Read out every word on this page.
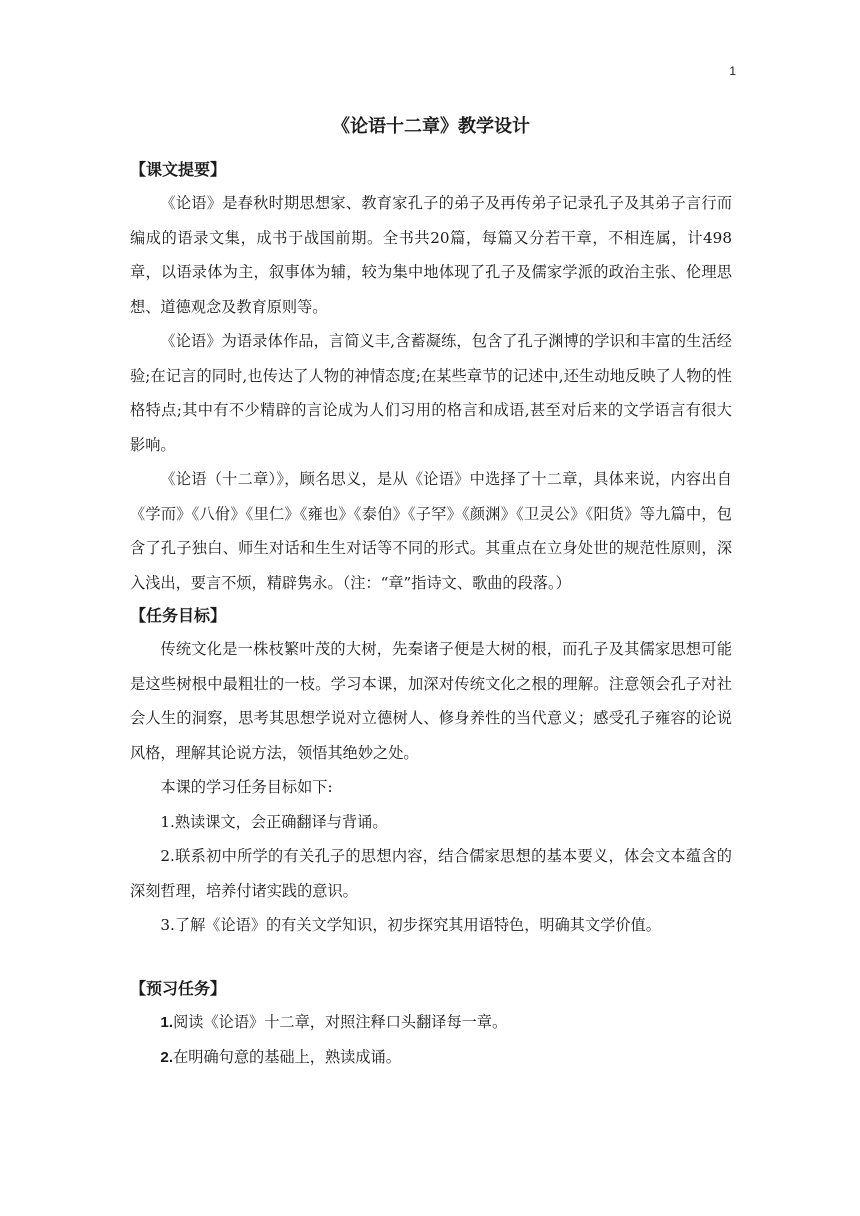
1
《论语十二章》教学设计

【课文提要】

《论语》是春秋时期思想家、教育家孔子的弟子及再传弟子记录孔子及其弟子言行而编成的语录文集，成书于战国前期。全书共20篇，每篇又分若干章，不相连属，计498章，以语录体为主，叙事体为辅，较为集中地体现了孔子及儒家学派的政治主张、伦理思想、道德观念及教育原则等。

《论语》为语录体作品，言简义丰,含蓄凝练，包含了孔子渊博的学识和丰富的生活经验;在记言的同时,也传达了人物的神情态度;在某些章节的记述中,还生动地反映了人物的性格特点;其中有不少精辟的言论成为人们习用的格言和成语,甚至对后来的文学语言有很大影响。

《论语（十二章）》，顾名思义，是从《论语》中选择了十二章，具体来说，内容出自《学而》《八佾》《里仁》《雍也》《泰伯》《子罕》《颜渊》《卫灵公》《阳货》等九篇中，包含了孔子独白、师生对话和生生对话等不同的形式。其重点在立身处世的规范性原则，深入浅出，要言不烦，精辟隽永。（注：“章”指诗文、歌曲的段落。）

【任务目标】

传统文化是一株枝繁叶茂的大树，先秦诸子便是大树的根，而孔子及其儒家思想可能是这些树根中最粗壮的一枝。学习本课，加深对传统文化之根的理解。注意领会孔子对社会人生的洞察，思考其思想学说对立德树人、修身养性的当代意义；感受孔子雍容的论说风格，理解其论说方法，领悟其绝妙之处。

本课的学习任务目标如下:

1.熟读课文，会正确翻译与背诵。

2.联系初中所学的有关孔子的思想内容，结合儒家思想的基本要义，体会文本蕴含的深刻哲理，培养付诸实践的意识。

3.了解《论语》的有关文学知识，初步探究其用语特色，明确其文学价值。

【预习任务】

1.阅读《论语》十二章，对照注释口头翻译每一章。

2.在明确句意的基础上，熟读成诵。
